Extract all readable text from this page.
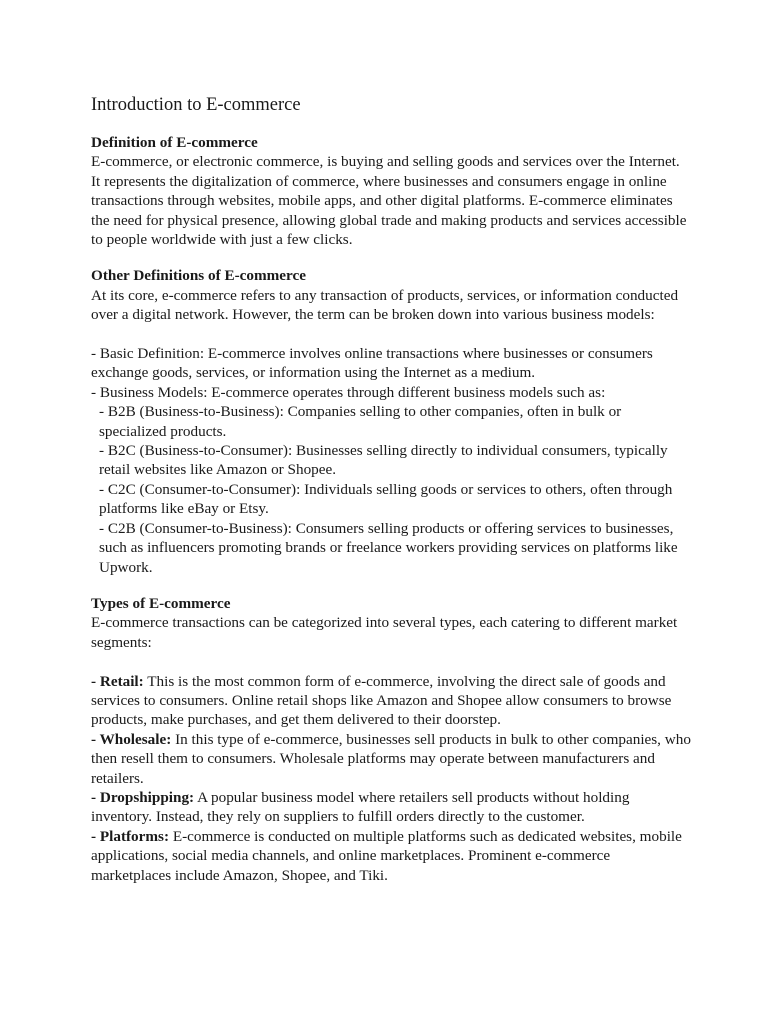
Introduction to E-commerce

Definition of E-commerce

E-commerce, or electronic commerce, is buying and selling goods and services over the Internet. It represents the digitalization of commerce, where businesses and consumers engage in online transactions through websites, mobile apps, and other digital platforms. E-commerce eliminates the need for physical presence, allowing global trade and making products and services accessible to people worldwide with just a few clicks.

Other Definitions of E-commerce

At its core, e-commerce refers to any transaction of products, services, or information conducted over a digital network. However, the term can be broken down into various business models:

- Basic Definition: E-commerce involves online transactions where businesses or consumers exchange goods, services, or information using the Internet as a medium.

- Business Models: E-commerce operates through different business models such as:

- B2B (Business-to-Business): Companies selling to other companies, often in bulk or specialized products.

- B2C (Business-to-Consumer): Businesses selling directly to individual consumers, typically retail websites like Amazon or Shopee.

- C2C (Consumer-to-Consumer): Individuals selling goods or services to others, often through platforms like eBay or Etsy.

- C2B (Consumer-to-Business): Consumers selling products or offering services to businesses, such as influencers promoting brands or freelance workers providing services on platforms like Upwork.

Types of E-commerce

E-commerce transactions can be categorized into several types, each catering to different market segments:

- Retail: This is the most common form of e-commerce, involving the direct sale of goods and services to consumers. Online retail shops like Amazon and Shopee allow consumers to browse products, make purchases, and get them delivered to their doorstep.

- Wholesale: In this type of e-commerce, businesses sell products in bulk to other companies, who then resell them to consumers. Wholesale platforms may operate between manufacturers and retailers.

- Dropshipping: A popular business model where retailers sell products without holding inventory. Instead, they rely on suppliers to fulfill orders directly to the customer.

- Platforms: E-commerce is conducted on multiple platforms such as dedicated websites, mobile applications, social media channels, and online marketplaces. Prominent e-commerce marketplaces include Amazon, Shopee, and Tiki.
